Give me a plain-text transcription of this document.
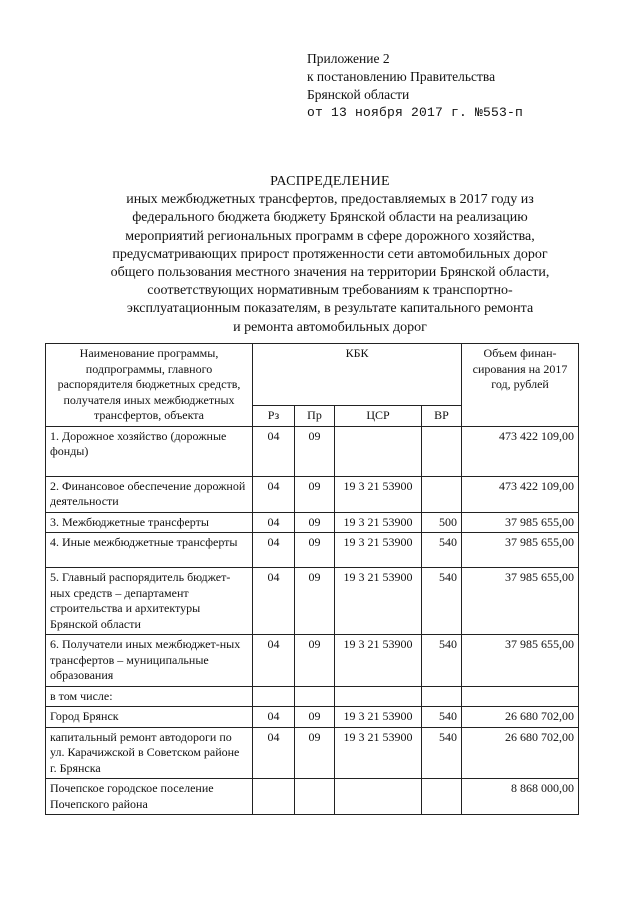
Приложение 2
к постановлению Правительства
Брянской области
от 13 ноября 2017 г. №553-п
РАСПРЕДЕЛЕНИЕ
иных межбюджетных трансфертов, предоставляемых в 2017 году из
федерального бюджета бюджету Брянской области на реализацию
мероприятий региональных программ в сфере дорожного хозяйства,
предусматривающих прирост протяженности сети автомобильных дорог
общего пользования местного значения на территории Брянской области,
соответствующих нормативным требованиям к транспортно-
эксплуатационным показателям, в результате капитального ремонта
и ремонта автомобильных дорог
Наименование программы, подпрограммы, главного распорядителя бюджетных средств, получателя иных межбюджетных трансфертов, объекта	КБК				Объем финан-сирования на 2017 год, рублей
	Рз	Пр	ЦСР	ВР	
1. Дорожное хозяйство (дорожные фонды)	04	09			473 422 109,00
2. Финансовое обеспечение дорожной деятельности	04	09	19 3 21 53900		473 422 109,00
3. Межбюджетные трансферты	04	09	19 3 21 53900	500	37 985 655,00
4. Иные межбюджетные трансферты	04	09	19 3 21 53900	540	37 985 655,00
5. Главный распорядитель бюджет-ных средств – департамент строительства и архитектуры Брянской области	04	09	19 3 21 53900	540	37 985 655,00
6. Получатели иных межбюджет-ных трансфертов – муниципальные образования	04	09	19 3 21 53900	540	37 985 655,00
в том числе:					
Город Брянск	04	09	19 3 21 53900	540	26 680 702,00
капитальный ремонт автодороги по ул. Карачижской в Советском районе г. Брянска	04	09	19 3 21 53900	540	26 680 702,00
Почепское городское поселение Почепского района					8 868 000,00
